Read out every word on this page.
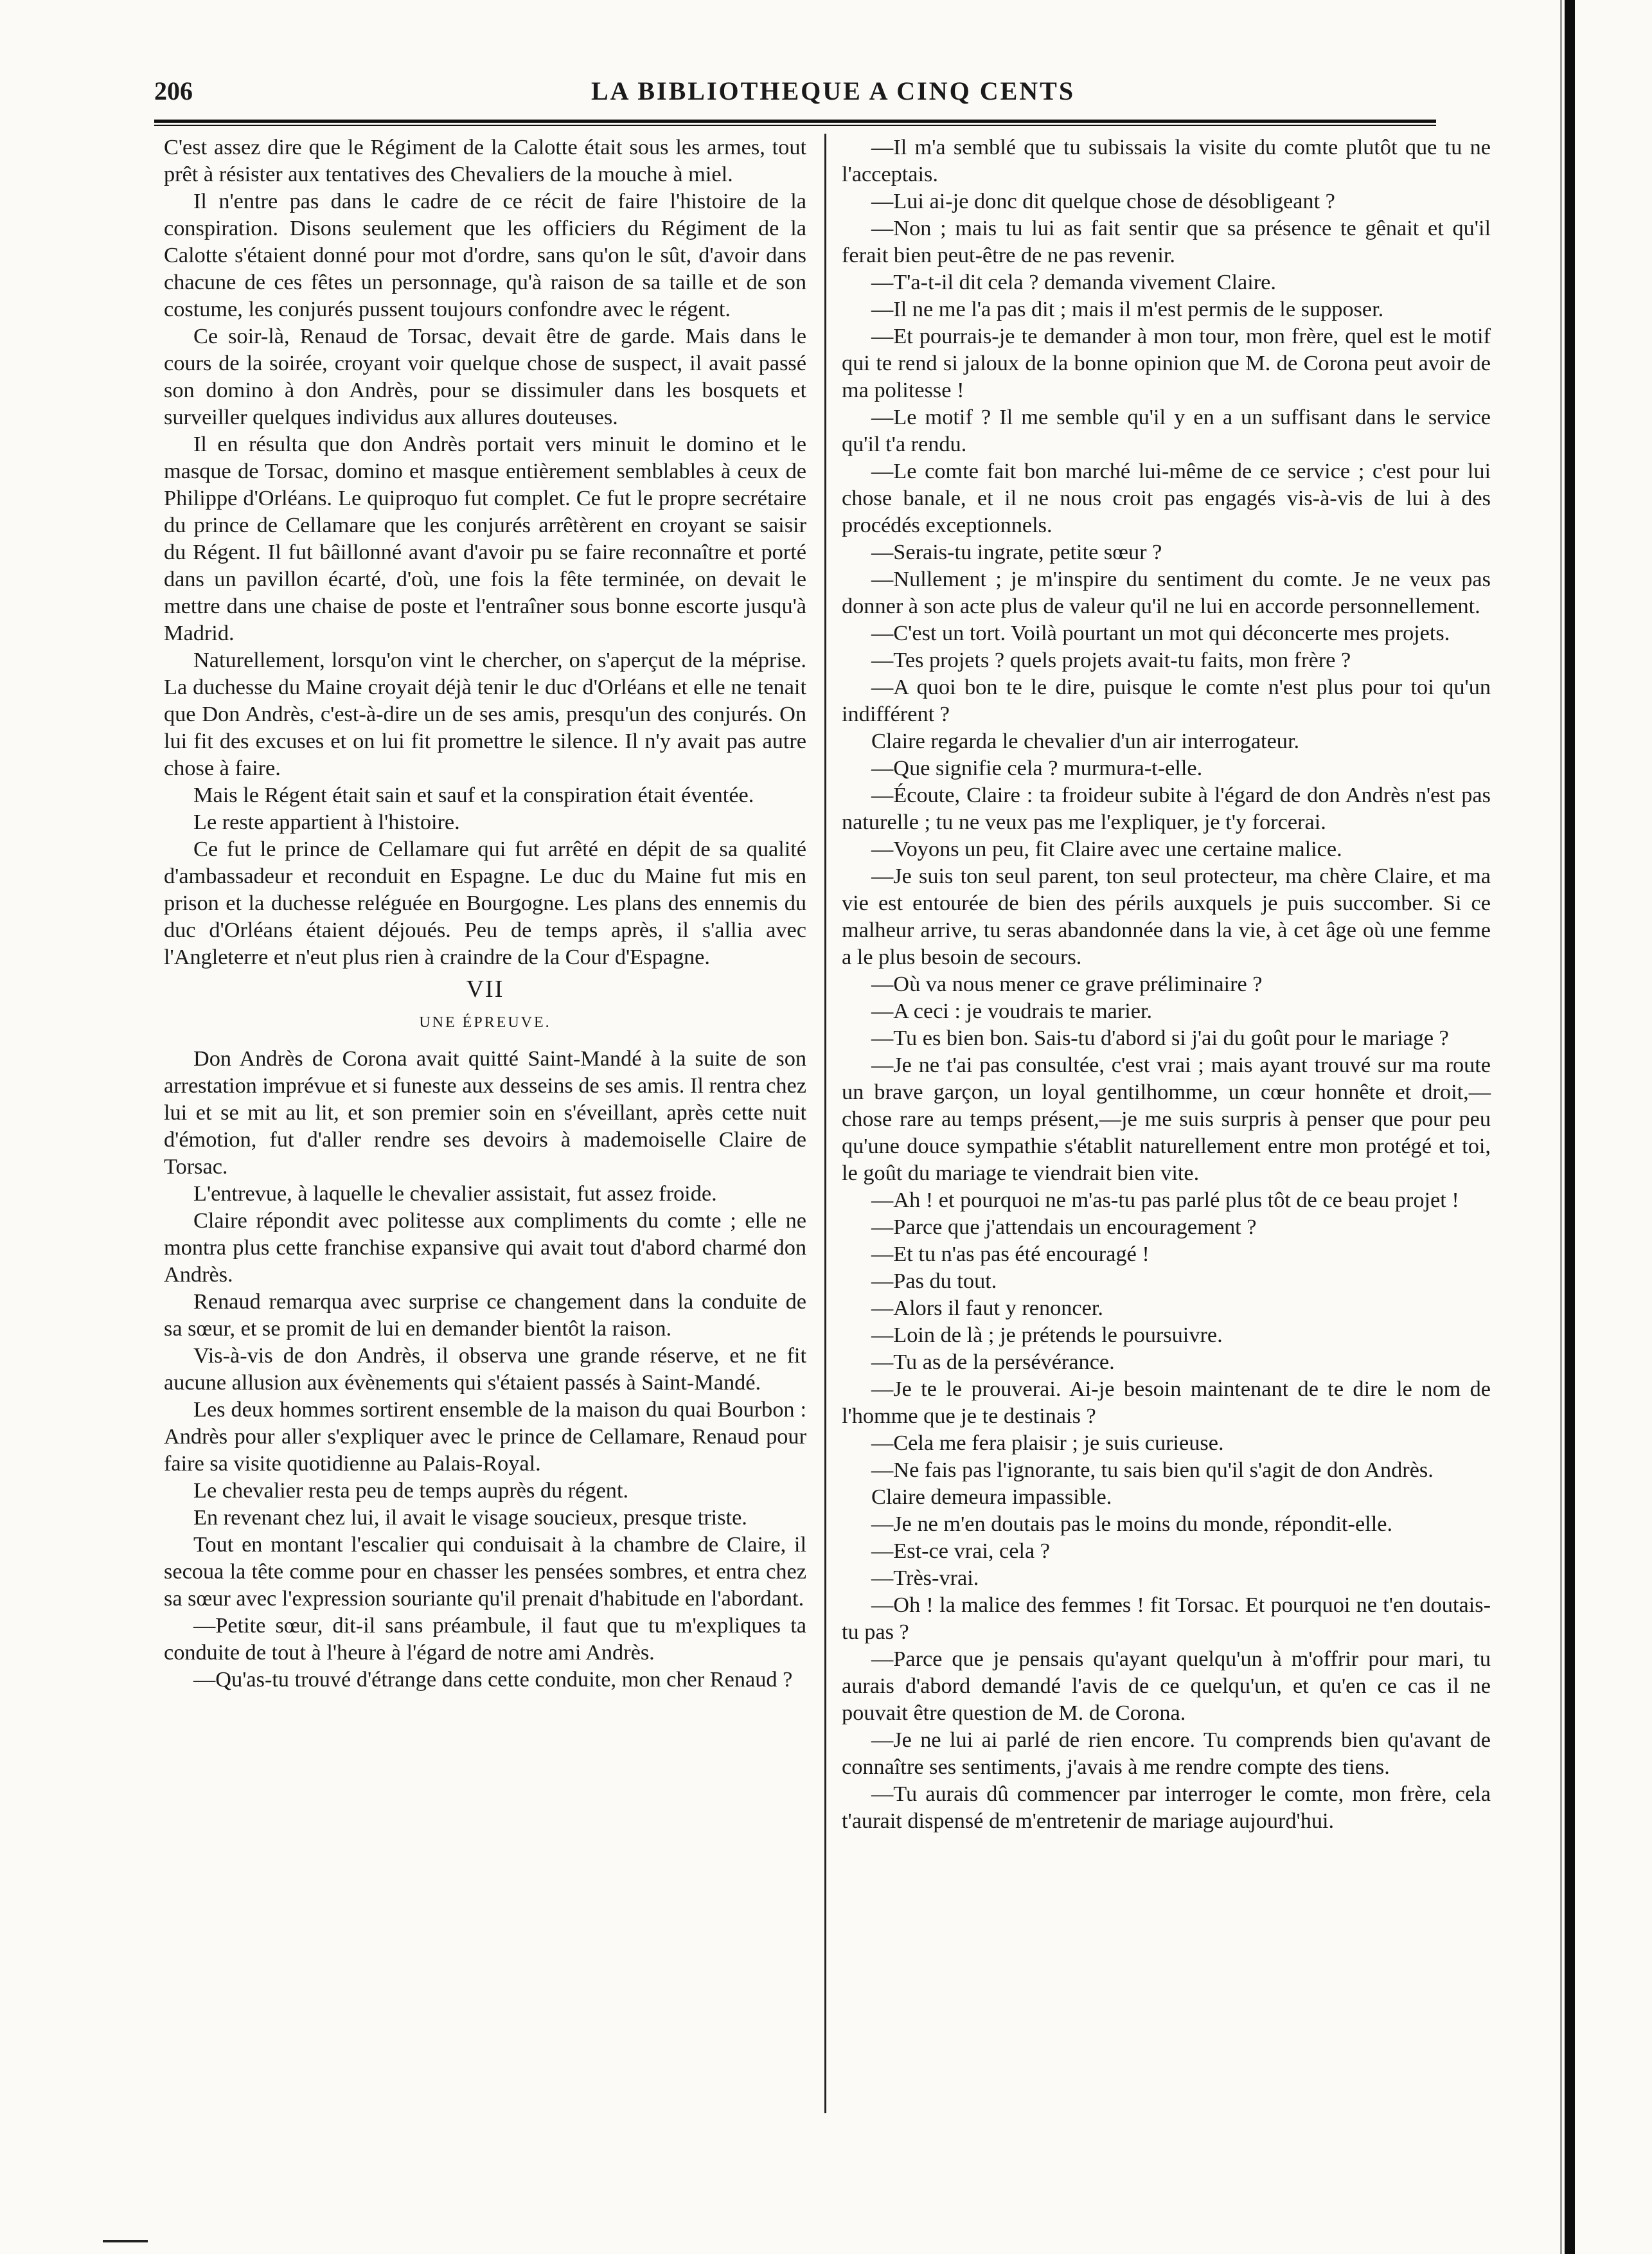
206	LA BIBLIOTHEQUE A CINQ CENTS

C'est assez dire que le Régiment de la Calotte était sous les armes, tout prêt à résister aux tentatives des Chevaliers de la mouche à miel.

Il n'entre pas dans le cadre de ce récit de faire l'histoire de la conspiration. Disons seulement que les officiers du Régiment de la Calotte s'étaient donné pour mot d'ordre, sans qu'on le sût, d'avoir dans chacune de ces fêtes un personnage, qu'à raison de sa taille et de son costume, les conjurés pussent toujours confondre avec le régent.

Ce soir-là, Renaud de Torsac, devait être de garde. Mais dans le cours de la soirée, croyant voir quelque chose de suspect, il avait passé son domino à don Andrès, pour se dissimuler dans les bosquets et surveiller quelques individus aux allures douteuses.

Il en résulta que don Andrès portait vers minuit le domino et le masque de Torsac, domino et masque entièrement semblables à ceux de Philippe d'Orléans. Le quiproquo fut complet. Ce fut le propre secrétaire du prince de Cellamare que les conjurés arrêtèrent en croyant se saisir du Régent. Il fut bâillonné avant d'avoir pu se faire reconnaître et porté dans un pavillon écarté, d'où, une fois la fête terminée, on devait le mettre dans une chaise de poste et l'entraîner sous bonne escorte jusqu'à Madrid.

Naturellement, lorsqu'on vint le chercher, on s'aperçut de la méprise. La duchesse du Maine croyait déjà tenir le duc d'Orléans et elle ne tenait que Don Andrès, c'est-à-dire un de ses amis, presqu'un des conjurés. On lui fit des excuses et on lui fit promettre le silence. Il n'y avait pas autre chose à faire.

Mais le Régent était sain et sauf et la conspiration était éventée.

Le reste appartient à l'histoire.

Ce fut le prince de Cellamare qui fut arrêté en dépit de sa qualité d'ambassadeur et reconduit en Espagne. Le duc du Maine fut mis en prison et la duchesse reléguée en Bourgogne. Les plans des ennemis du duc d'Orléans étaient déjoués. Peu de temps après, il s'allia avec l'Angleterre et n'eut plus rien à craindre de la Cour d'Espagne.

VII
UNE ÉPREUVE.

Don Andrès de Corona avait quitté Saint-Mandé à la suite de son arrestation imprévue et si funeste aux desseins de ses amis. Il rentra chez lui et se mit au lit, et son premier soin en s'éveillant, après cette nuit d'émotion, fut d'aller rendre ses devoirs à mademoiselle Claire de Torsac.

L'entrevue, à laquelle le chevalier assistait, fut assez froide.

Claire répondit avec politesse aux compliments du comte ; elle ne montra plus cette franchise expansive qui avait tout d'abord charmé don Andrès.

Renaud remarqua avec surprise ce changement dans la conduite de sa sœur, et se promit de lui en demander bientôt la raison.

Vis-à-vis de don Andrès, il observa une grande réserve, et ne fit aucune allusion aux évènements qui s'étaient passés à Saint-Mandé.

Les deux hommes sortirent ensemble de la maison du quai Bourbon : Andrès pour aller s'expliquer avec le prince de Cellamare, Renaud pour faire sa visite quotidienne au Palais-Royal.

Le chevalier resta peu de temps auprès du régent.

En revenant chez lui, il avait le visage soucieux, presque triste.

Tout en montant l'escalier qui conduisait à la chambre de Claire, il secoua la tête comme pour en chasser les pensées sombres, et entra chez sa sœur avec l'expression souriante qu'il prenait d'habitude en l'abordant.

—Petite sœur, dit-il sans préambule, il faut que tu m'expliques ta conduite de tout à l'heure à l'égard de notre ami Andrès.

—Qu'as-tu trouvé d'étrange dans cette conduite, mon cher Renaud ?

—Il m'a semblé que tu subissais la visite du comte plutôt que tu ne l'acceptais.

—Lui ai-je donc dit quelque chose de désobligeant ?

—Non ; mais tu lui as fait sentir que sa présence te gênait et qu'il ferait bien peut-être de ne pas revenir.

—T'a-t-il dit cela ? demanda vivement Claire.

—Il ne me l'a pas dit ; mais il m'est permis de le supposer.

—Et pourrais-je te demander à mon tour, mon frère, quel est le motif qui te rend si jaloux de la bonne opinion que M. de Corona peut avoir de ma politesse !

—Le motif ? Il me semble qu'il y en a un suffisant dans le service qu'il t'a rendu.

—Le comte fait bon marché lui-même de ce service ; c'est pour lui chose banale, et il ne nous croit pas engagés vis-à-vis de lui à des procédés exceptionnels.

—Serais-tu ingrate, petite sœur ?

—Nullement ; je m'inspire du sentiment du comte. Je ne veux pas donner à son acte plus de valeur qu'il ne lui en accorde personnellement.

—C'est un tort. Voilà pourtant un mot qui déconcerte mes projets.

—Tes projets ? quels projets avait-tu faits, mon frère ?

—A quoi bon te le dire, puisque le comte n'est plus pour toi qu'un indifférent ?

Claire regarda le chevalier d'un air interrogateur.

—Que signifie cela ? murmura-t-elle.

—Écoute, Claire : ta froideur subite à l'égard de don Andrès n'est pas naturelle ; tu ne veux pas me l'expliquer, je t'y forcerai.

—Voyons un peu, fit Claire avec une certaine malice.

—Je suis ton seul parent, ton seul protecteur, ma chère Claire, et ma vie est entourée de bien des périls auxquels je puis succomber. Si ce malheur arrive, tu seras abandonnée dans la vie, à cet âge où une femme a le plus besoin de secours.

—Où va nous mener ce grave préliminaire ?

—A ceci : je voudrais te marier.

—Tu es bien bon. Sais-tu d'abord si j'ai du goût pour le mariage ?

—Je ne t'ai pas consultée, c'est vrai ; mais ayant trouvé sur ma route un brave garçon, un loyal gentilhomme, un cœur honnête et droit,—chose rare au temps présent,—je me suis surpris à penser que pour peu qu'une douce sympathie s'établit naturellement entre mon protégé et toi, le goût du mariage te viendrait bien vite.

—Ah ! et pourquoi ne m'as-tu pas parlé plus tôt de ce beau projet !

—Parce que j'attendais un encouragement ?

—Et tu n'as pas été encouragé !

—Pas du tout.

—Alors il faut y renoncer.

—Loin de là ; je prétends le poursuivre.

—Tu as de la persévérance.

—Je te le prouverai. Ai-je besoin maintenant de te dire le nom de l'homme que je te destinais ?

—Cela me fera plaisir ; je suis curieuse.

—Ne fais pas l'ignorante, tu sais bien qu'il s'agit de don Andrès.

Claire demeura impassible.

—Je ne m'en doutais pas le moins du monde, répondit-elle.

—Est-ce vrai, cela ?

—Très-vrai.

—Oh ! la malice des femmes ! fit Torsac. Et pourquoi ne t'en doutais-tu pas ?

—Parce que je pensais qu'ayant quelqu'un à m'offrir pour mari, tu aurais d'abord demandé l'avis de ce quelqu'un, et qu'en ce cas il ne pouvait être question de M. de Corona.

—Je ne lui ai parlé de rien encore. Tu comprends bien qu'avant de connaître ses sentiments, j'avais à me rendre compte des tiens.

—Tu aurais dû commencer par interroger le comte, mon frère, cela t'aurait dispensé de m'entretenir de mariage aujourd'hui.
